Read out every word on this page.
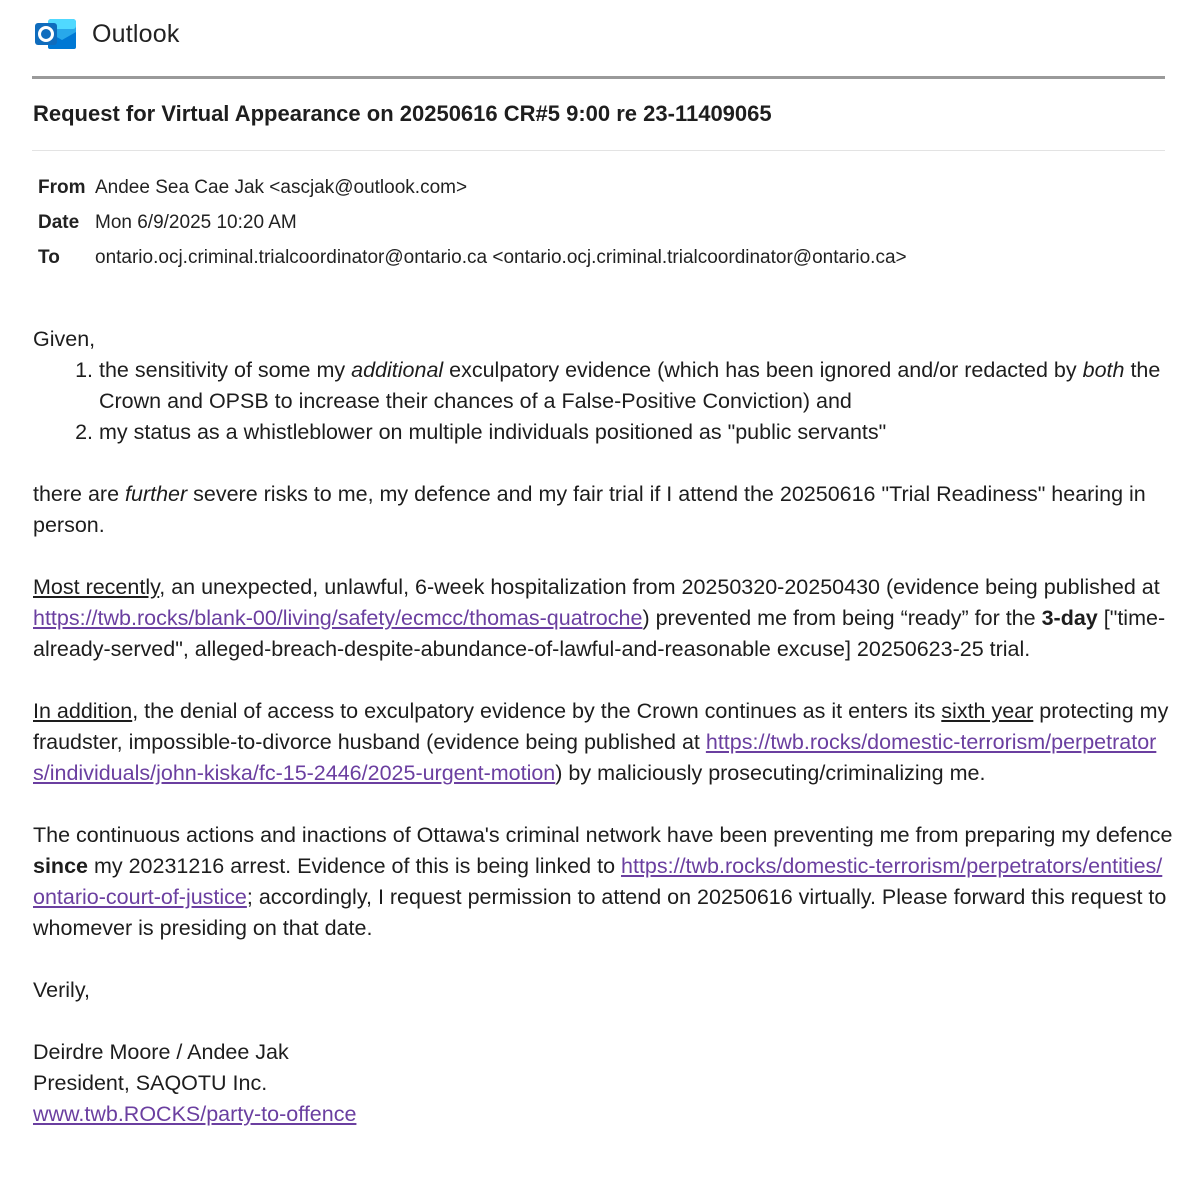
Outlook
Request for Virtual Appearance on 20250616 CR#5 9:00 re 23-11409065
From Andee Sea Cae Jak <ascjak@outlook.com>
Date Mon 6/9/2025 10:20 AM
To	ontario.ocj.criminal.trialcoordinator@ontario.ca <ontario.ocj.criminal.trialcoordinator@ontario.ca>

Given,

1. the sensitivity of some my additional exculpatory evidence (which has been ignored and/or redacted by both the Crown and OPSB to increase their chances of a False-Positive Conviction) and
2. my status as a whistleblower on multiple individuals positioned as "public servants"

there are further severe risks to me, my defence and my fair trial if I attend the 20250616 "Trial Readiness" hearing in person.

Most recently, an unexpected, unlawful, 6-week hospitalization from 20250320-20250430 (evidence being published at https://twb.rocks/blank-00/living/safety/ecmcc/thomas-quatroche) prevented me from being “ready” for the 3-day ["time-already-served", alleged-breach-despite-abundance-of-lawful-and-reasonable excuse] 20250623-25 trial.

In addition, the denial of access to exculpatory evidence by the Crown continues as it enters its sixth year protecting my fraudster, impossible-to-divorce husband (evidence being published at https://twb.rocks/domestic-terrorism/perpetrators/individuals/john-kiska/fc-15-2446/2025-urgent-motion) by maliciously prosecuting/criminalizing me.

The continuous actions and inactions of Ottawa's criminal network have been preventing me from preparing my defence since my 20231216 arrest. Evidence of this is being linked to https://twb.rocks/domestic-terrorism/perpetrators/entities/ontario-court-of-justice; accordingly, I request permission to attend on 20250616 virtually. Please forward this request to whomever is presiding on that date.

Verily,

Deirdre Moore / Andee Jak

President, SAQOTU Inc.

www.twb.ROCKS/party-to-offence
